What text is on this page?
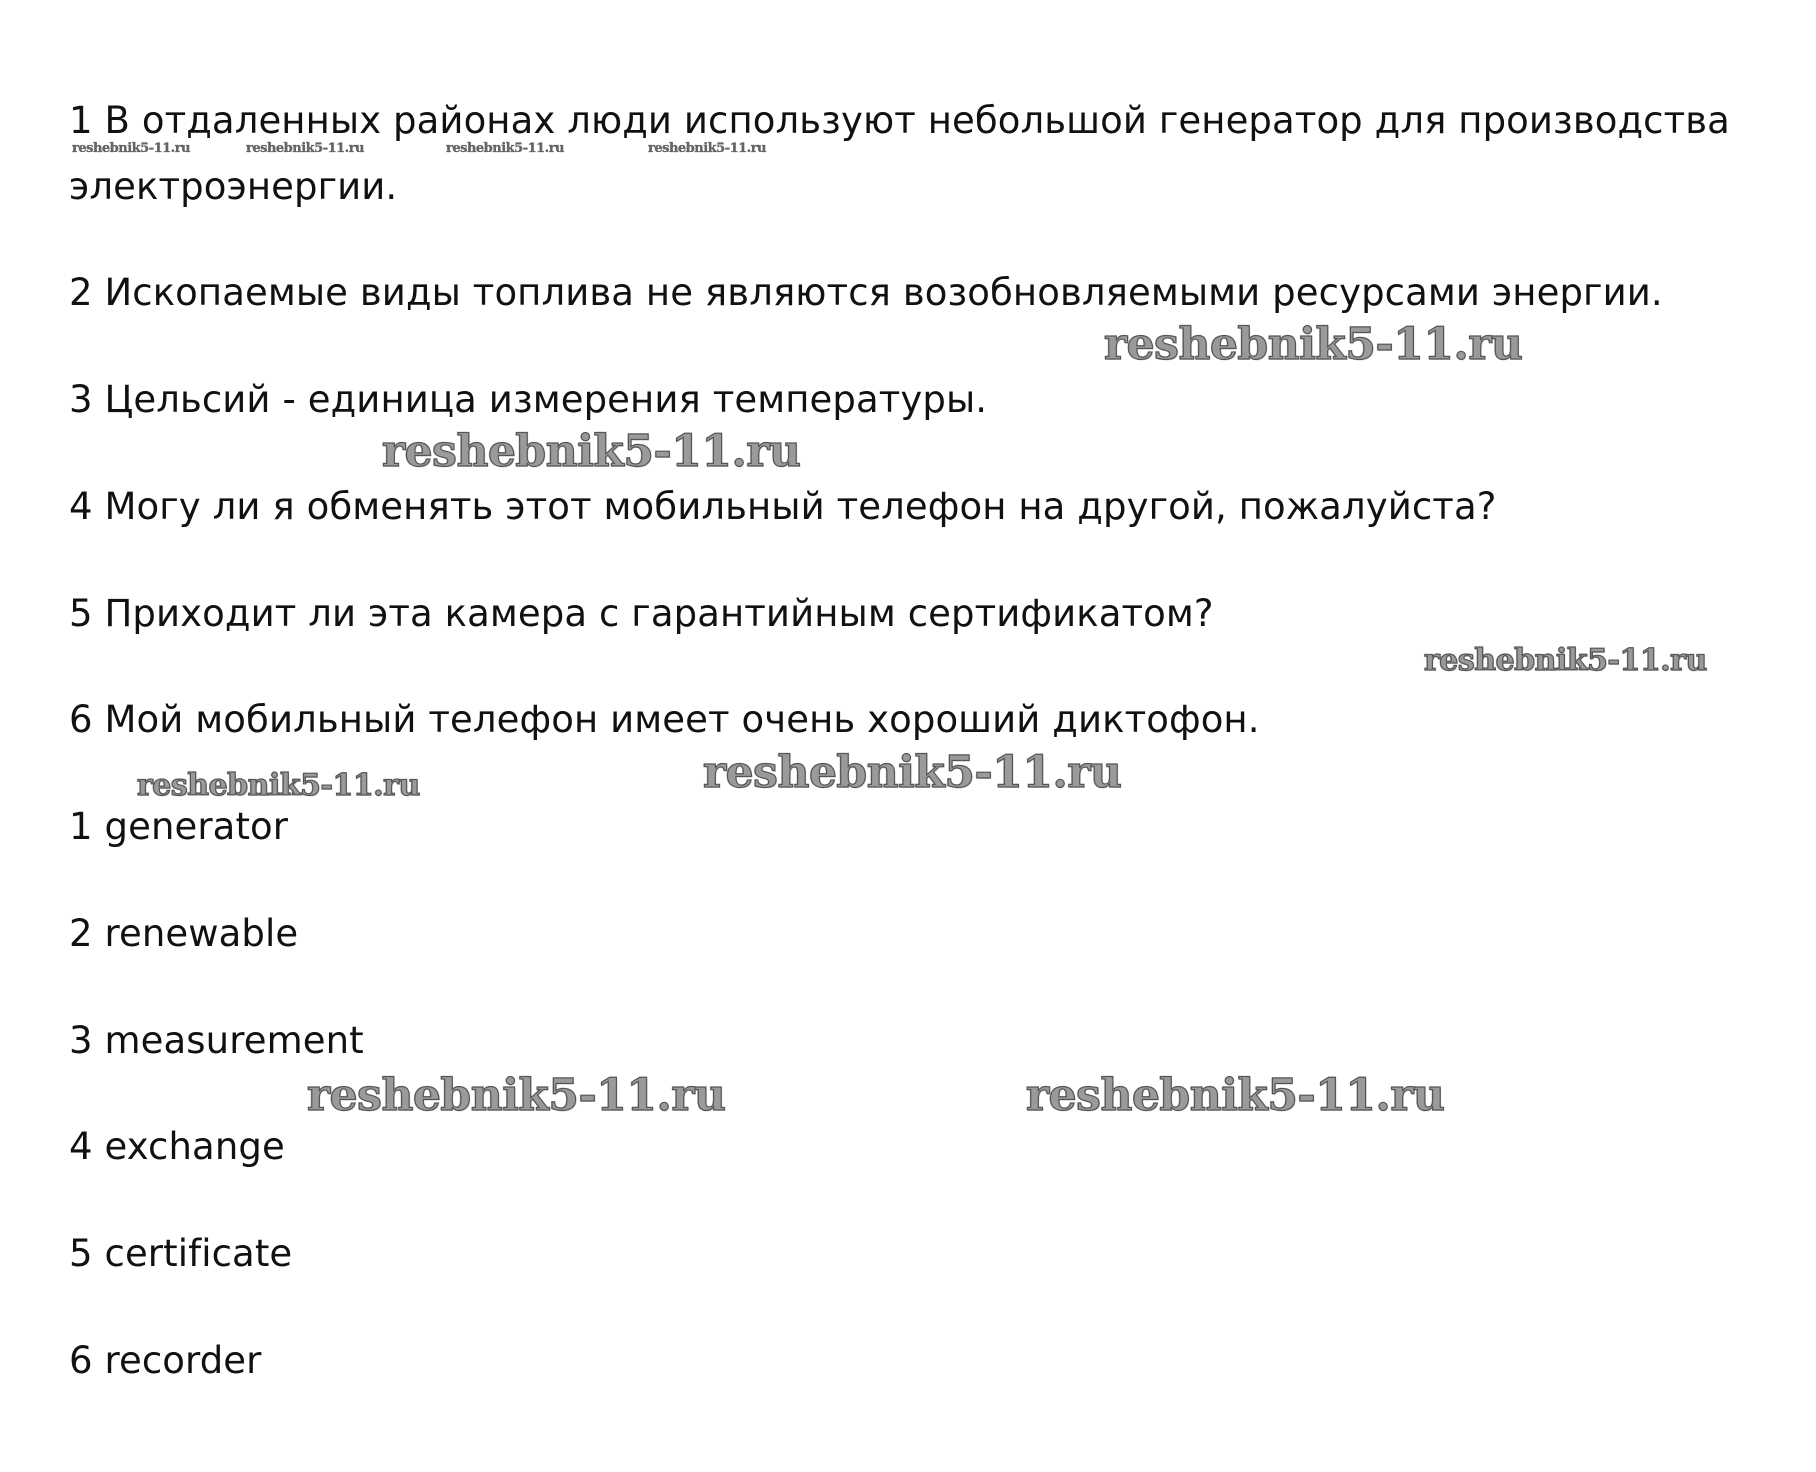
1 В отдаленных районах люди используют небольшой генератор для производства
электроэнергии.
2 Ископаемые виды топлива не являются возобновляемыми ресурсами энергии.
3 Цельсий - единица измерения температуры.
4 Могу ли я обменять этот мобильный телефон на другой, пожалуйста?
5 Приходит ли эта камера с гарантийным сертификатом?
6 Мой мобильный телефон имеет очень хороший диктофон.
1 generator
2 renewable
3 measurement
4 exchange
5 certificate
6 recorder
reshebnik5-11.ru	reshebnik5-11.ru	reshebnik5-11.ru	reshebnik5-11.ru
reshebnik5-11.ru
reshebnik5-11.ru
reshebnik5-11.ru
reshebnik5-11.ru	reshebnik5-11.ru
reshebnik5-11.ru	reshebnik5-11.ru
